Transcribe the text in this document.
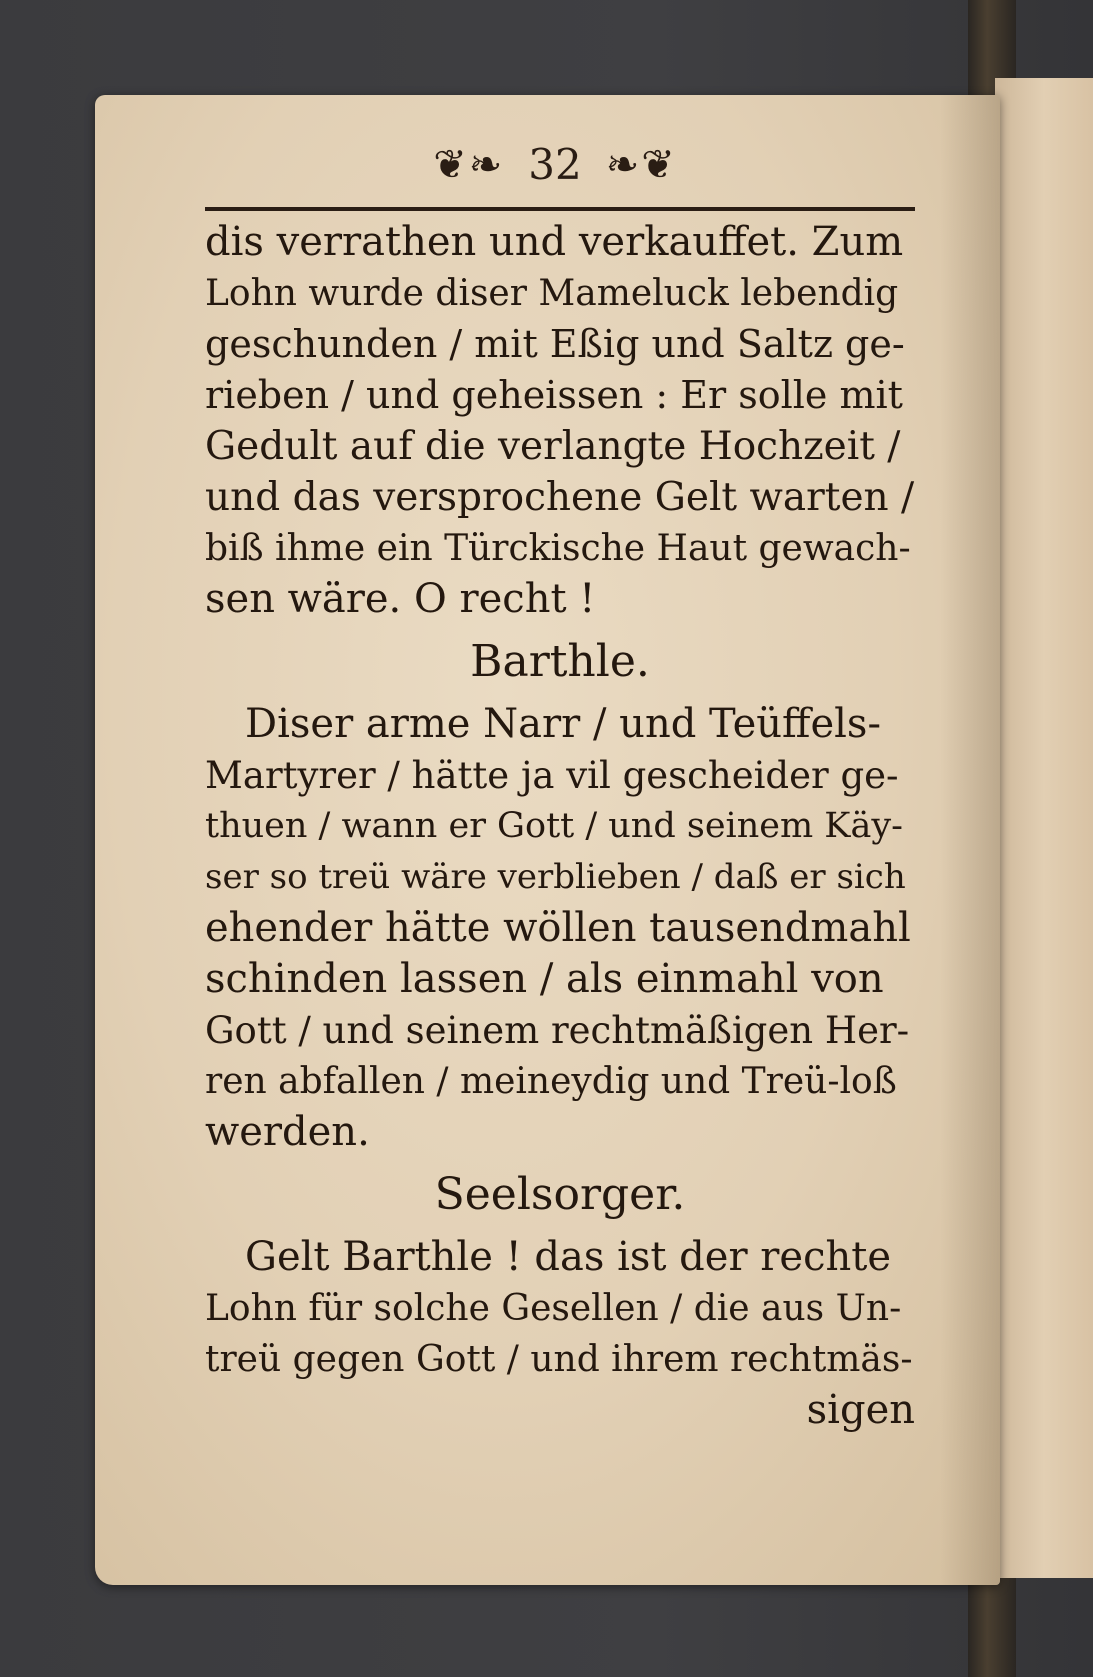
❦❧ 32 ❧❦
dis verrathen und verkauffet. Zum
Lohn wurde diser Mameluck lebendig
geschunden / mit Eßig und Saltz ge-
rieben / und geheissen : Er solle mit
Gedult auf die verlangte Hochzeit /
und das versprochene Gelt warten /
biß ihme ein Türckische Haut gewach-
sen wäre. O recht !
Barthle.
Diser arme Narr / und Teüffels-
Martyrer / hätte ja vil gescheider ge-
thuen / wann er Gott / und seinem Käy-
ser so treü wäre verblieben / daß er sich
ehender hätte wöllen tausendmahl
schinden lassen / als einmahl von
Gott / und seinem rechtmäßigen Her-
ren abfallen / meineydig und Treü-loß
werden.
Seelsorger.
Gelt Barthle ! das ist der rechte
Lohn für solche Gesellen / die aus Un-
treü gegen Gott / und ihrem rechtmäs-
sigen
